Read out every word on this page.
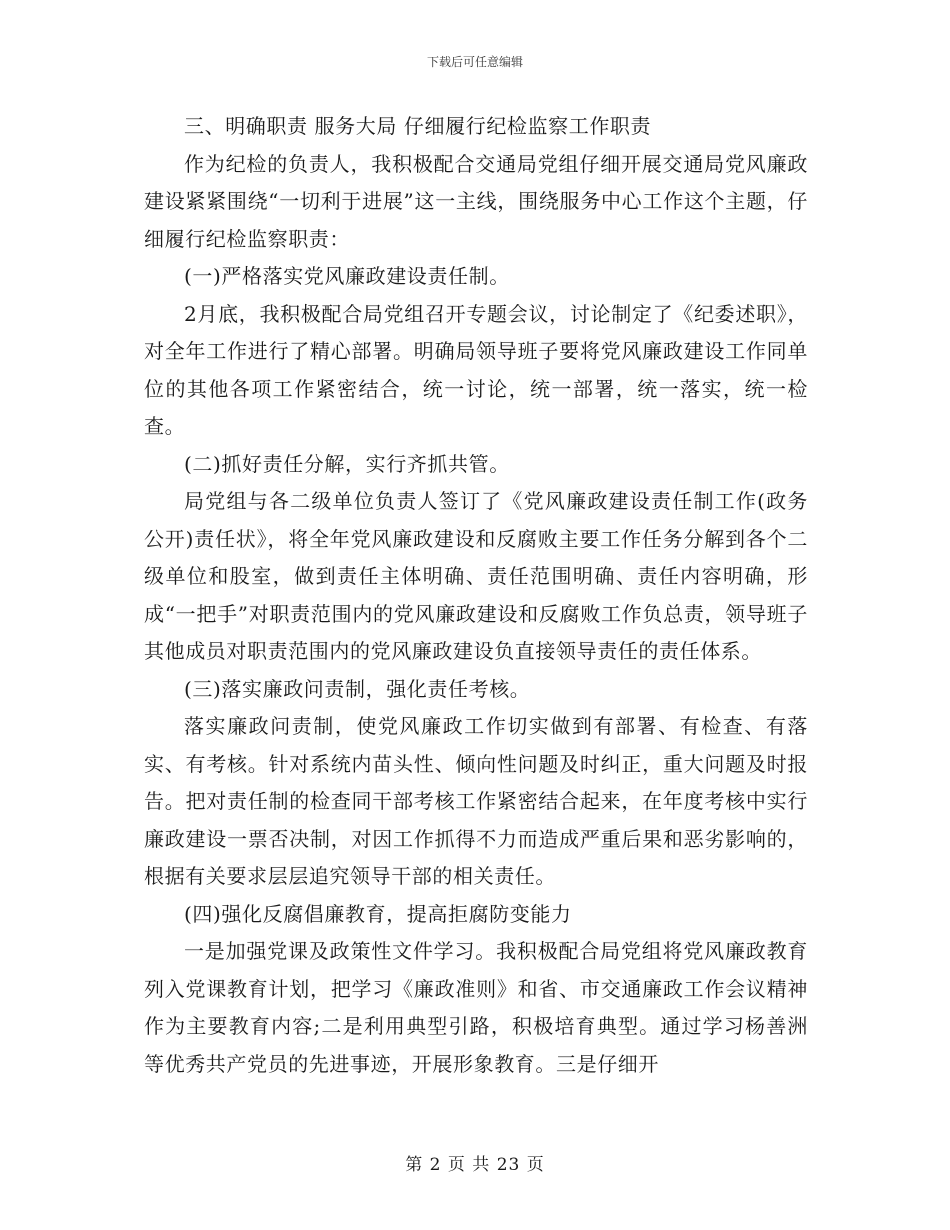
下载后可任意编辑

三、明确职责 服务大局 仔细履行纪检监察工作职责

作为纪检的负责人，我积极配合交通局党组仔细开展交通局党风廉政建设紧紧围绕“一切利于进展”这一主线，围绕服务中心工作这个主题，仔细履行纪检监察职责：

(一)严格落实党风廉政建设责任制。

2月底，我积极配合局党组召开专题会议，讨论制定了《纪委述职》，对全年工作进行了精心部署。明确局领导班子要将党风廉政建设工作同单位的其他各项工作紧密结合，统一讨论，统一部署，统一落实，统一检查。

(二)抓好责任分解，实行齐抓共管。

局党组与各二级单位负责人签订了《党风廉政建设责任制工作(政务公开)责任状》，将全年党风廉政建设和反腐败主要工作任务分解到各个二级单位和股室，做到责任主体明确、责任范围明确、责任内容明确，形成“一把手”对职责范围内的党风廉政建设和反腐败工作负总责，领导班子其他成员对职责范围内的党风廉政建设负直接领导责任的责任体系。

(三)落实廉政问责制，强化责任考核。

落实廉政问责制，使党风廉政工作切实做到有部署、有检查、有落实、有考核。针对系统内苗头性、倾向性问题及时纠正，重大问题及时报告。把对责任制的检查同干部考核工作紧密结合起来，在年度考核中实行廉政建设一票否决制，对因工作抓得不力而造成严重后果和恶劣影响的，根据有关要求层层追究领导干部的相关责任。

(四)强化反腐倡廉教育，提高拒腐防变能力

一是加强党课及政策性文件学习。我积极配合局党组将党风廉政教育列入党课教育计划，把学习《廉政准则》和省、市交通廉政工作会议精神作为主要教育内容;二是利用典型引路，积极培育典型。通过学习杨善洲等优秀共产党员的先进事迹，开展形象教育。三是仔细开

第 2 页 共 23 页
